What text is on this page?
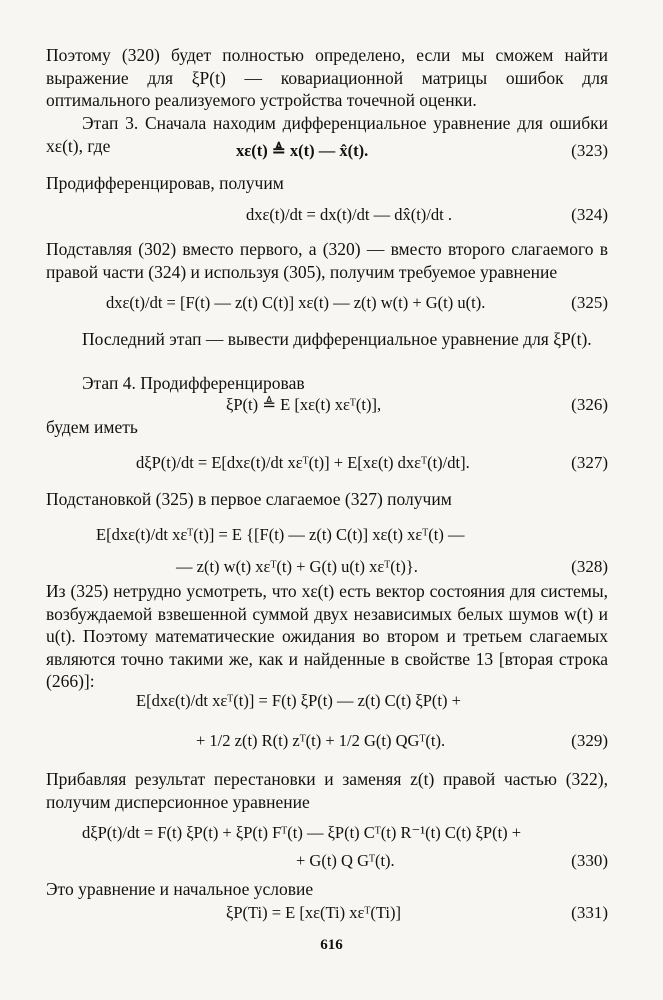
Поэтому (320) будет полностью определено, если мы сможем найти выражение для ξP(t) — ковариационной матрицы ошибок для оптимального реализуемого устройства точечной оценки.
Этап 3. Сначала находим дифференциальное уравнение для ошибки xε(t), где	xε(t) ≜ x(t) — x̂(t).	(323)
Продифференцировав, получим
dxε(t)/dt = dx(t)/dt — dx̂(t)/dt .	(324)
Подставляя (302) вместо первого, а (320) — вместо второго слагаемого в правой части (324) и используя (305), получим требуемое уравнение
dxε(t)/dt = [F(t) — z(t) C(t)] xε(t) — z(t) w(t) + G(t) u(t).	(325)
Последний этап — вывести дифференциальное уравнение для ξP(t).
Этап 4. Продифференцировав
ξP(t) ≜ E [xε(t) xεᵀ(t)],	(326)
будем иметь
dξP(t)/dt = E[dxε(t)/dt xεᵀ(t)] + E[xε(t) dxεᵀ(t)/dt].	(327)
Подстановкой (325) в первое слагаемое (327) получим
E[dxε(t)/dt xεᵀ(t)] = E {[F(t) — z(t) C(t)] xε(t) xεᵀ(t) —
— z(t) w(t) xεᵀ(t) + G(t) u(t) xεᵀ(t)}.	(328)
Из (325) нетрудно усмотреть, что xε(t) есть вектор состояния для системы, возбуждаемой взвешенной суммой двух независимых белых шумов w(t) и u(t). Поэтому математические ожидания во втором и третьем слагаемых являются точно такими же, как и найденные в свойстве 13 [вторая строка (266)]:
E[dxε(t)/dt xεᵀ(t)] = F(t) ξP(t) — z(t) C(t) ξP(t) +
+ 1/2 z(t) R(t) zᵀ(t) + 1/2 G(t) QGᵀ(t).	(329)
Прибавляя результат перестановки и заменяя z(t) правой частью (322), получим дисперсионное уравнение
dξP(t)/dt = F(t) ξP(t) + ξP(t) Fᵀ(t) — ξP(t) Cᵀ(t) R⁻¹(t) C(t) ξP(t) +
+ G(t) Q Gᵀ(t).	(330)
Это уравнение и начальное условие
ξP(Ti) = E [xε(Ti) xεᵀ(Ti)]	(331)
616
